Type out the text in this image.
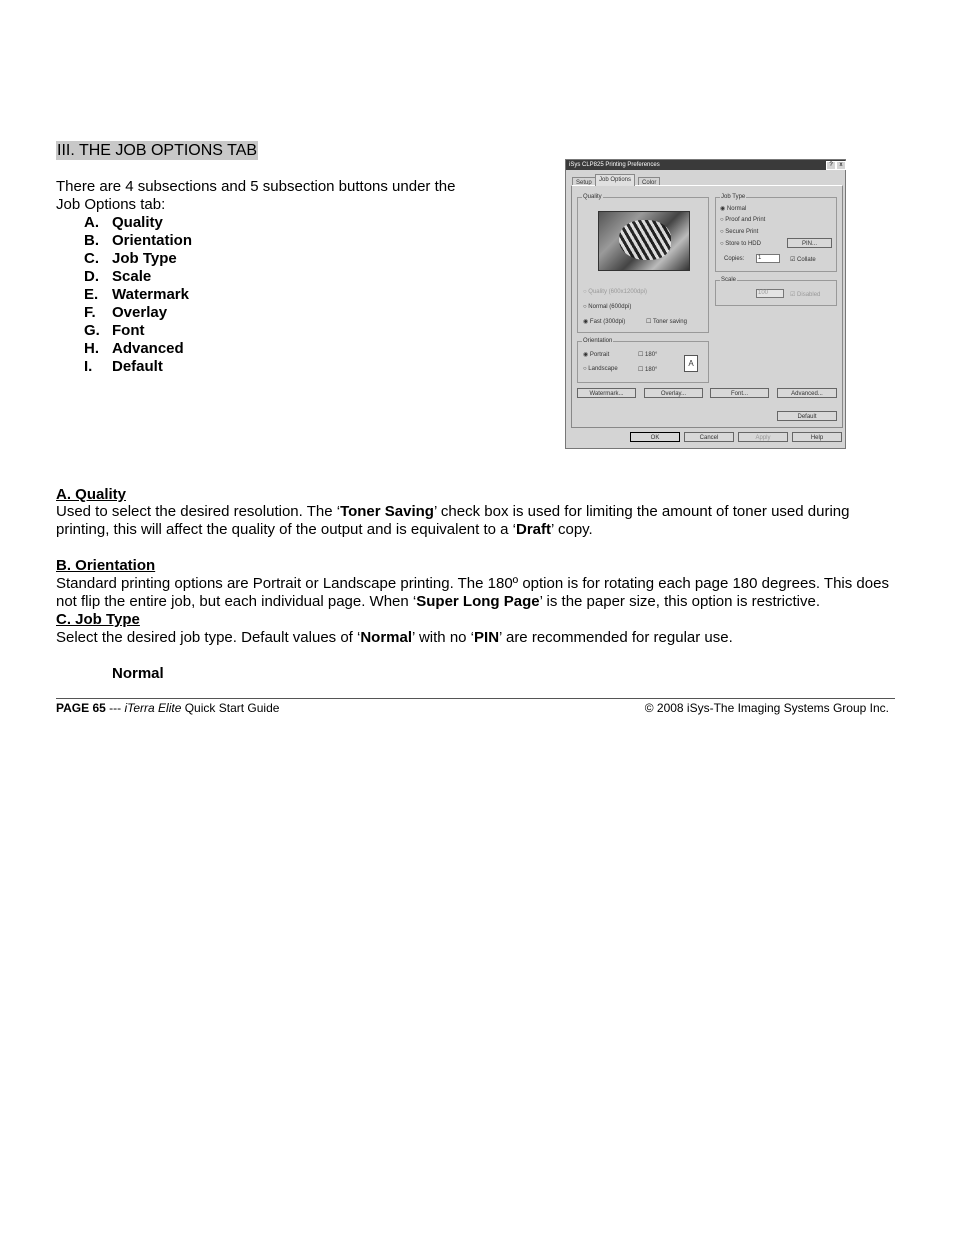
III. THE JOB OPTIONS TAB
There are 4 subsections and 5 subsection buttons under the Job Options tab:
A. Quality
B. Orientation
C. Job Type
D. Scale
E. Watermark
F. Overlay
G. Font
H. Advanced
I. Default
iSys CLP825 Printing Preferences	?	x
Setup	Job Options	Color
Quality
○ Quality (600x1200dpi)
○ Normal (600dpi)
◉ Fast (300dpi)	☐ Toner saving
Orientation
◉ Portrait
○ Landscape
☐ 180°
☐ 180°
A
Job Type
◉ Normal
○ Proof and Print
○ Secure Print
○ Store to HDD	PIN...
Copies:	1	☑ Collate
Scale
100	☑ Disabled
Watermark...	Overlay...	Font...	Advanced...
Default
OK	Cancel	Apply	Help
A. Quality
Used to select the desired resolution. The ‘Toner Saving’ check box is used for limiting the amount of toner used during printing, this will affect the quality of the output and is equivalent to a ‘Draft’ copy.
B. Orientation
Standard printing options are Portrait or Landscape printing. The 180º option is for rotating each page 180 degrees. This does not flip the entire job, but each individual page. When ‘Super Long Page’ is the paper size, this option is restrictive.
C. Job Type
Select the desired job type. Default values of ‘Normal’ with no ‘PIN’ are recommended for regular use.
Normal
PAGE 65 --- iTerra Elite Quick Start Guide	© 2008 iSys-The Imaging Systems Group Inc.
